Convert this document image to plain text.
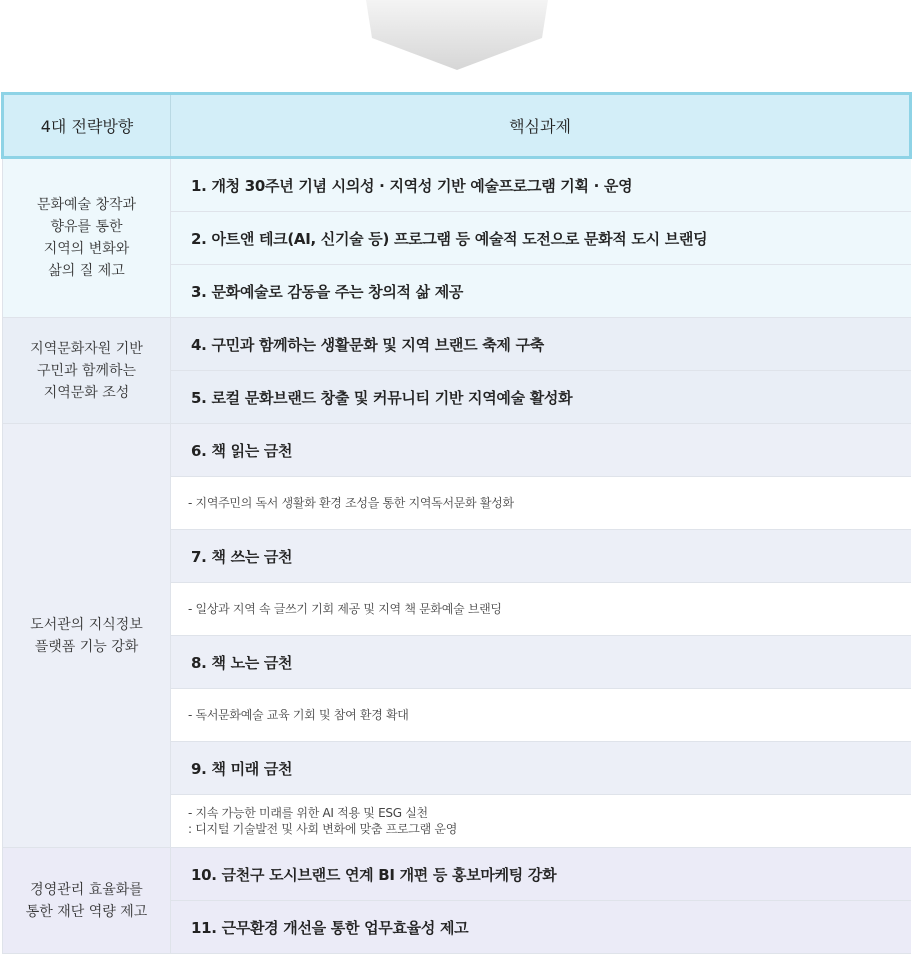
4대 전략방향	핵심과제

문화예술 창작과
향유를 통한
지역의 변화와
삶의 질 제고	1. 개청 30주년 기념 시의성 · 지역성 기반 예술프로그램 기획 · 운영
	2. 아트앤 테크(AI, 신기술 등) 프로그램 등 예술적 도전으로 문화적 도시 브랜딩
	3. 문화예술로 감동을 주는 창의적 삶 제공

지역문화자원 기반
구민과 함께하는
지역문화 조성	4. 구민과 함께하는 생활문화 및 지역 브랜드 축제 구축
	5. 로컬 문화브랜드 창출 및 커뮤니티 기반 지역예술 활성화

도서관의 지식정보
플랫폼 기능 강화	6. 책 읽는 금천

	- 지역주민의 독서 생활화 환경 조성을 통한 지역독서문화 활성화

	7. 책 쓰는 금천

	- 일상과 지역 속 글쓰기 기회 제공 및 지역 책 문화예술 브랜딩

	8. 책 노는 금천

	- 독서문화예술 교육 기회 및 참여 환경 확대

	9. 책 미래 금천

	- 지속 가능한 미래를 위한 AI 적용 및 ESG 실천
: 디지털 기술발전 및 사회 변화에 맞춤 프로그램 운영

경영관리 효율화를
통한 재단 역량 제고	10. 금천구 도시브랜드 연계 BI 개편 등 홍보마케팅 강화
	11. 근무환경 개선을 통한 업무효율성 제고
